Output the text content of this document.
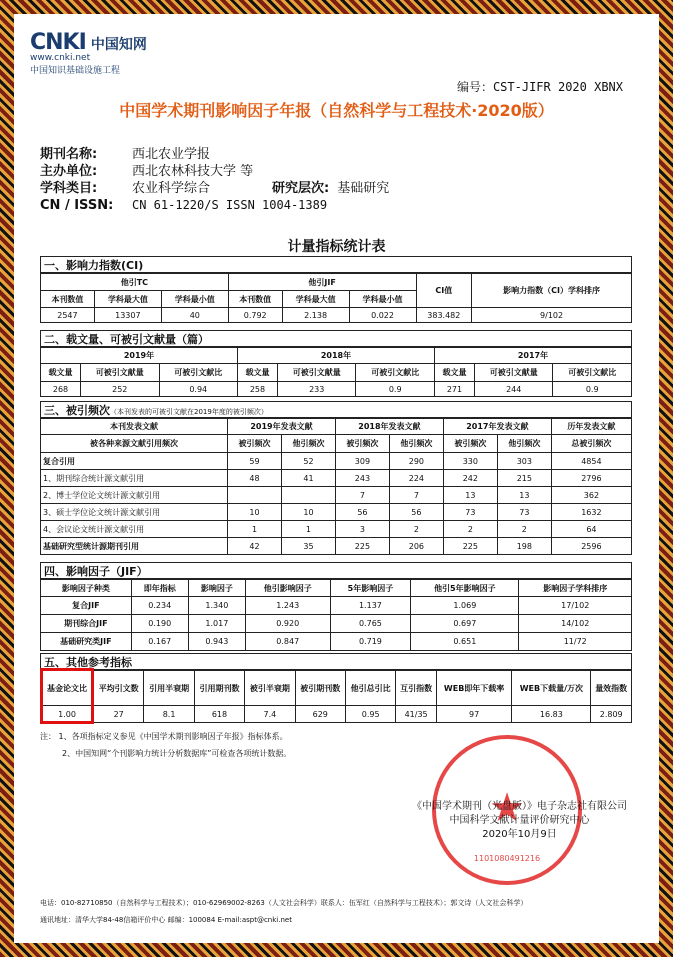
CNKI 中国知网
www.cnki.net
中国知识基础设施工程
编号：CST-JIFR 2020 XBNX
中国学术期刊影响因子年报（自然科学与工程技术·2020版）
期刊名称:	西北农业学报
主办单位:	西北农林科技大学 等
学科类目:	农业科学综合	研究层次: 基础研究
CN / ISSN: CN 61-1220/S ISSN 1004-1389
计量指标统计表
一、影响力指数(CI)
他引TC			他引JIF			CI值	影响力指数（CI）学科排序
本刊数值	学科最大值	学科最小值	本刊数值	学科最大值	学科最小值		
2547	13307	40	0.792	2.138	0.022	383.482	9/102
二、载文量、可被引文献量（篇）
2019年			2018年			2017年		
载文量	可被引文献量	可被引文献比	载文量	可被引文献量	可被引文献比	载文量	可被引文献量	可被引文献比
268	252	0.94	258	233	0.9	271	244	0.9
三、被引频次（本刊发表的可被引文献在2019年度的被引频次）
本刊发表文献	2019年发表文献		2018年发表文献		2017年发表文献		历年发表文献
被各种来源文献引用频次	被引频次	他引频次	被引频次	他引频次	被引频次	他引频次	总被引频次
复合引用	59	52	309	290	330	303	4854
1、期刊综合统计源文献引用	48	41	243	224	242	215	2796
2、博士学位论文统计源文献引用			7	7	13	13	362
3、硕士学位论文统计源文献引用	10	10	56	56	73	73	1632
4、会议论文统计源文献引用	1	1	3	2	2	2	64
基础研究型统计源期刊引用	42	35	225	206	225	198	2596
四、影响因子（JIF）
影响因子种类	即年指标	影响因子	他引影响因子	5年影响因子	他引5年影响因子	影响因子学科排序
复合JIF	0.234	1.340	1.243	1.137	1.069	17/102
期刊综合JIF	0.190	1.017	0.920	0.765	0.697	14/102
基础研究类JIF	0.167	0.943	0.847	0.719	0.651	11/72
五、其他参考指标
基金论文比	平均引文数	引用半衰期	引用期刊数	被引半衰期	被引期刊数	他引总引比	互引指数	WEB即年下载率	WEB下载量/万次	量效指数
1.00	27	8.1	618	7.4	629	0.95	41/35	97	16.83	2.809
注： 1、各项指标定义参见《中国学术期刊影响因子年报》指标体系。
2、中国知网“个刊影响力统计分析数据库”可检查各项统计数据。
★
1101080491216
《中国学术期刊（光盘版）》电子杂志社有限公司
中国科学文献计量评价研究中心
2020年10月9日
电话：010-82710850（自然科学与工程技术）；010-62969002-8263（人文社会科学）联系人：伍军红（自然科学与工程技术）；郭文诗（人文社会科学）
通讯地址：清华大学84-48信箱评价中心 邮编：100084 E-mail:aspt@cnki.net
